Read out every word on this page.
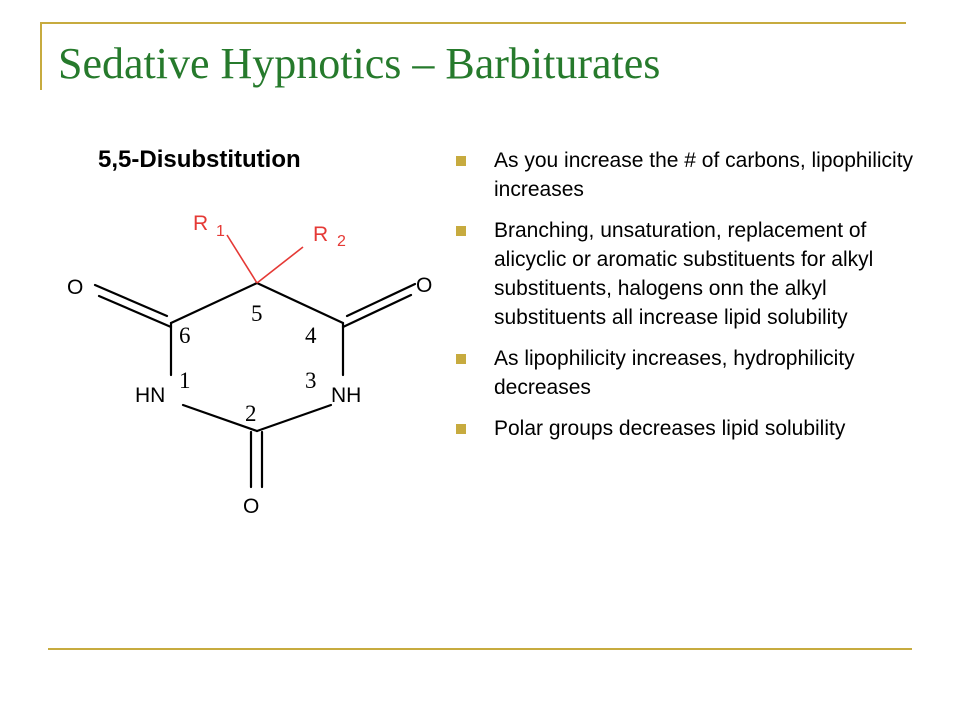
Sedative Hypnotics – Barbiturates
5,5-Disubstitution
R 1	R 2
O	O
O
HN	NH
5
6	4
1	3
2
As you increase the # of carbons, lipophilicity increases
Branching, unsaturation, replacement of alicyclic or aromatic substituents for alkyl substituents, halogens onn the alkyl substituents all increase lipid solubility
As lipophilicity increases, hydrophilicity decreases
Polar groups decreases lipid solubility
